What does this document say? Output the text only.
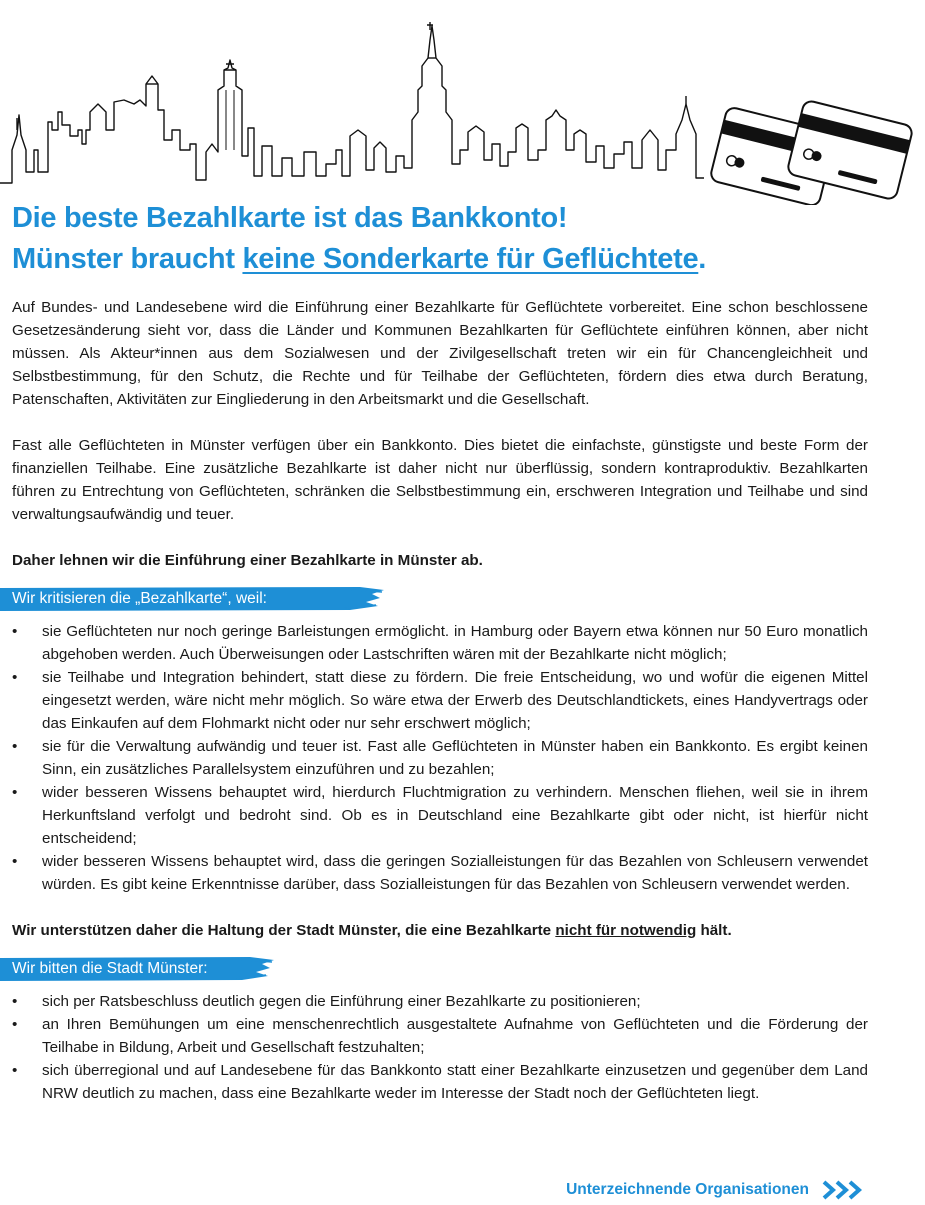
Die beste Bezahlkarte ist das Bankkonto!
Münster braucht keine Sonderkarte für Geflüchtete.

Auf Bundes- und Landesebene wird die Einführung einer Bezahlkarte für Geflüchtete vorbereitet. Eine schon beschlossene Gesetzesänderung sieht vor, dass die Länder und Kommunen Bezahlkarten für Geflüchtete einführen können, aber nicht müssen. Als Akteur*innen aus dem Sozialwesen und der Zivilgesellschaft treten wir ein für Chancengleichheit und Selbstbestimmung, für den Schutz, die Rechte und für Teilhabe der Geflüchteten, fördern dies etwa durch Beratung, Patenschaften, Aktivitäten zur Eingliederung in den Arbeitsmarkt und die Gesellschaft.

Fast alle Geflüchteten in Münster verfügen über ein Bankkonto. Dies bietet die einfachste, günstigste und beste Form der finanziellen Teilhabe. Eine zusätzliche Bezahlkarte ist daher nicht nur überflüssig, sondern kontraproduktiv. Bezahlkarten führen zu Entrechtung von Geflüchteten, schränken die Selbstbestimmung ein, erschweren Integration und Teilhabe und sind verwaltungsaufwändig und teuer.

Daher lehnen wir die Einführung einer Bezahlkarte in Münster ab.

Wir kritisieren die „Bezahlkarte“, weil:
• sie Geflüchteten nur noch geringe Barleistungen ermöglicht. in Hamburg oder Bayern etwa können nur 50 Euro monatlich abgehoben werden. Auch Überweisungen oder Lastschriften wären mit der Bezahlkarte nicht möglich;
• sie Teilhabe und Integration behindert, statt diese zu fördern. Die freie Entscheidung, wo und wofür die eigenen Mittel eingesetzt werden, wäre nicht mehr möglich. So wäre etwa der Erwerb des Deutschlandtickets, eines Handyvertrags oder das Einkaufen auf dem Flohmarkt nicht oder nur sehr erschwert möglich;
• sie für die Verwaltung aufwändig und teuer ist. Fast alle Geflüchteten in Münster haben ein Bankkonto. Es ergibt keinen Sinn, ein zusätzliches Parallelsystem einzuführen und zu bezahlen;
• wider besseren Wissens behauptet wird, hierdurch Fluchtmigration zu verhindern. Menschen fliehen, weil sie in ihrem Herkunftsland verfolgt und bedroht sind. Ob es in Deutschland eine Bezahlkarte gibt oder nicht, ist hierfür nicht entscheidend;
• wider besseren Wissens behauptet wird, dass die geringen Sozialleistungen für das Bezahlen von Schleusern verwendet würden. Es gibt keine Erkenntnisse darüber, dass Sozialleistungen für das Bezahlen von Schleusern verwendet werden.

Wir unterstützen daher die Haltung der Stadt Münster, die eine Bezahlkarte nicht für notwendig hält.

Wir bitten die Stadt Münster:
• sich per Ratsbeschluss deutlich gegen die Einführung einer Bezahlkarte zu positionieren;
• an Ihren Bemühungen um eine menschenrechtlich ausgestaltete Aufnahme von Geflüchteten und die Förderung der Teilhabe in Bildung, Arbeit und Gesellschaft festzuhalten;
• sich überregional und auf Landesebene für das Bankkonto statt einer Bezahlkarte einzusetzen und gegenüber dem Land NRW deutlich zu machen, dass eine Bezahlkarte weder im Interesse der Stadt noch der Geflüchteten liegt.
Unterzeichnende Organisationen
